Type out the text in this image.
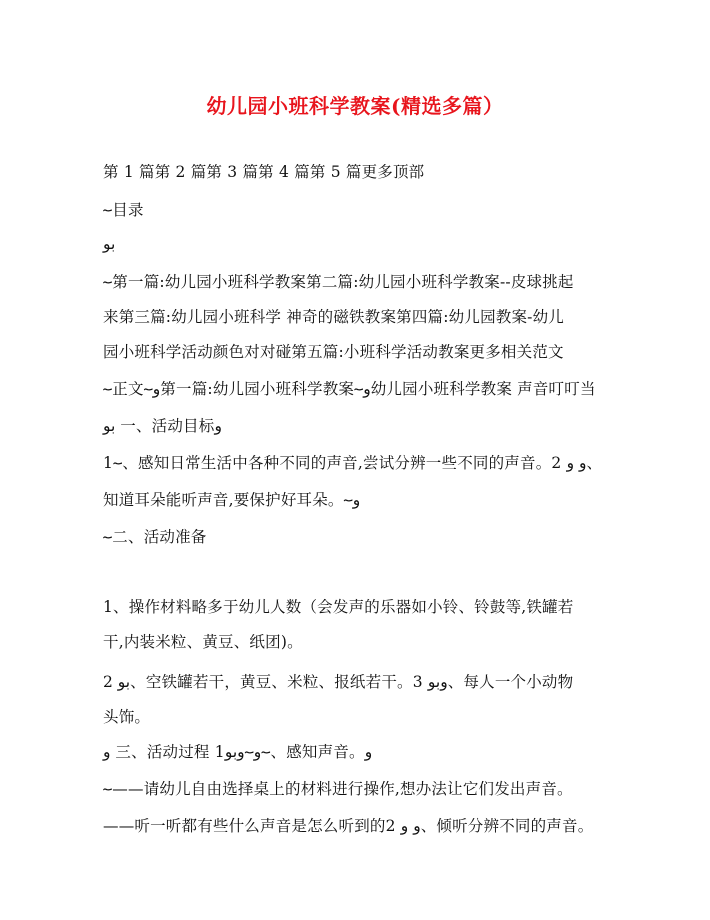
幼儿园小班科学教案(精选多篇）
第 1 篇第 2 篇第 3 篇第 4 篇第 5 篇更多顶部
؅目录
بو
؅第一篇:幼儿园小班科学教案第二篇:幼儿园小班科学教案--皮球挑起
来第三篇:幼儿园小班科学 神奇的磁铁教案第四篇:幼儿园教案-幼儿
园小班科学活动颜色对对碰第五篇:小班科学活动教案更多相关范文
؅正文و؅第一篇:幼儿园小班科学教案و؅幼儿园小班科学教案 声音叮叮当
بو 一、活动目标و
1؅、感知日常生活中各种不同的声音,尝试分辨一些不同的声音。2 و و、
知道耳朵能听声音,要保护好耳朵。و؅
؅二、活动准备
1、操作材料略多于幼儿人数（会发声的乐器如小铃、铃鼓等,铁罐若
干,内装米粒、黄豆、纸团)。
2 بو、空铁罐若干，黄豆、米粒、报纸若干。3 وبو、每人一个小动物
头饰。
و 三、活动过程 1؅و؅وبو、感知声音。و
؅——请幼儿自由选择桌上的材料进行操作,想办法让它们发出声音。
——听一听都有些什么声音是怎么听到的2 و و、倾听分辨不同的声音。
